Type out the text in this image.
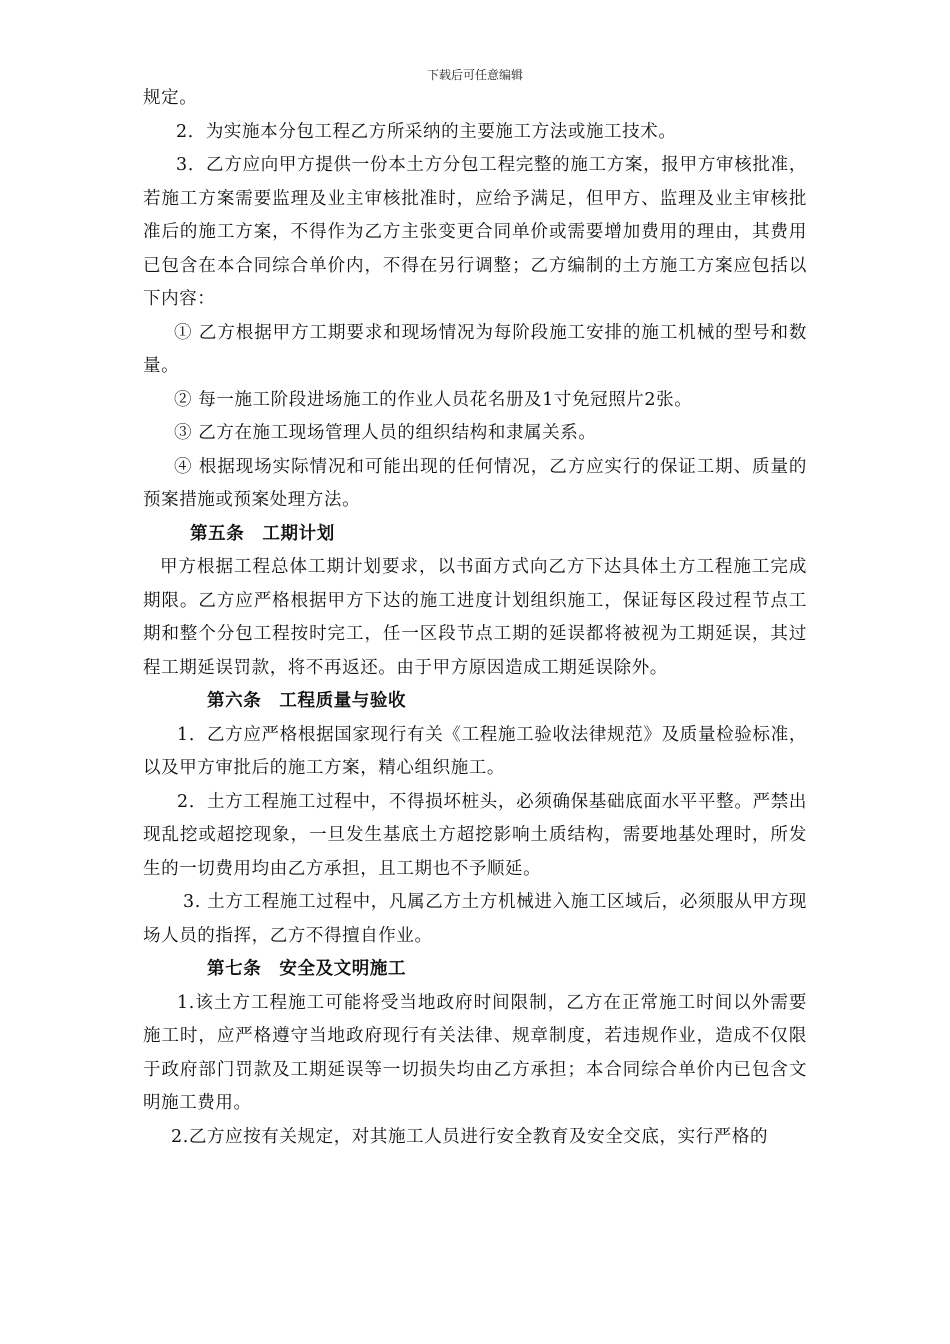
下载后可任意编辑

规定。

2．为实施本分包工程乙方所采纳的主要施工方法或施工技术。

3．乙方应向甲方提供一份本土方分包工程完整的施工方案，报甲方审核批准，若施工方案需要监理及业主审核批准时，应给予满足，但甲方、监理及业主审核批准后的施工方案，不得作为乙方主张变更合同单价或需要增加费用的理由，其费用已包含在本合同综合单价内，不得在另行调整；乙方编制的土方施工方案应包括以下内容：

① 乙方根据甲方工期要求和现场情况为每阶段施工安排的施工机械的型号和数量。

② 每一施工阶段进场施工的作业人员花名册及1寸免冠照片2张。

③ 乙方在施工现场管理人员的组织结构和隶属关系。

④ 根据现场实际情况和可能出现的任何情况，乙方应实行的保证工期、质量的预案措施或预案处理方法。

第五条　工期计划

甲方根据工程总体工期计划要求，以书面方式向乙方下达具体土方工程施工完成期限。乙方应严格根据甲方下达的施工进度计划组织施工，保证每区段过程节点工期和整个分包工程按时完工，任一区段节点工期的延误都将被视为工期延误，其过程工期延误罚款，将不再返还。由于甲方原因造成工期延误除外。

第六条　工程质量与验收

1．乙方应严格根据国家现行有关《工程施工验收法律规范》及质量检验标准，以及甲方审批后的施工方案，精心组织施工。

2．土方工程施工过程中，不得损坏桩头，必须确保基础底面水平平整。严禁出现乱挖或超挖现象，一旦发生基底土方超挖影响土质结构，需要地基处理时，所发生的一切费用均由乙方承担，且工期也不予顺延。

3. 土方工程施工过程中，凡属乙方土方机械进入施工区域后，必须服从甲方现场人员的指挥，乙方不得擅自作业。

第七条　安全及文明施工

1.该土方工程施工可能将受当地政府时间限制，乙方在正常施工时间以外需要施工时，应严格遵守当地政府现行有关法律、规章制度，若违规作业，造成不仅限于政府部门罚款及工期延误等一切损失均由乙方承担；本合同综合单价内已包含文明施工费用。

2.乙方应按有关规定，对其施工人员进行安全教育及安全交底，实行严格的
